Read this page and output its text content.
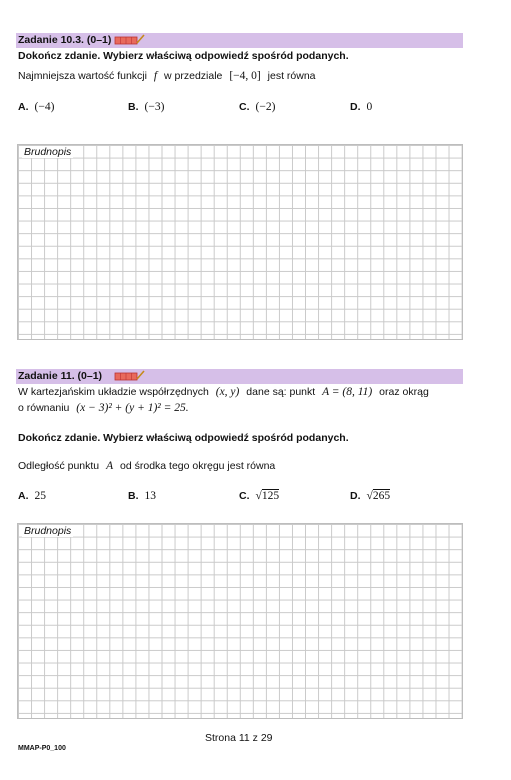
Zadanie 10.3. (0–1)
Dokończ zdanie. Wybierz właściwą odpowiedź spośród podanych.
Najmniejsza wartość funkcji f w przedziale [−4, 0] jest równa
A. (−4)	B. (−3)	C. (−2)	D. 0
Brudnopis
Zadanie 11. (0–1)
W kartezjańskim układzie współrzędnych (x, y) dane są: punkt A = (8, 11) oraz okrąg
o równaniu (x − 3)² + (y + 1)² = 25.
Dokończ zdanie. Wybierz właściwą odpowiedź spośród podanych.
Odległość punktu A od środka tego okręgu jest równa
A. 25	B. 13	C. √125	D. √265
Brudnopis
Strona 11 z 29
MMAP-P0_100
